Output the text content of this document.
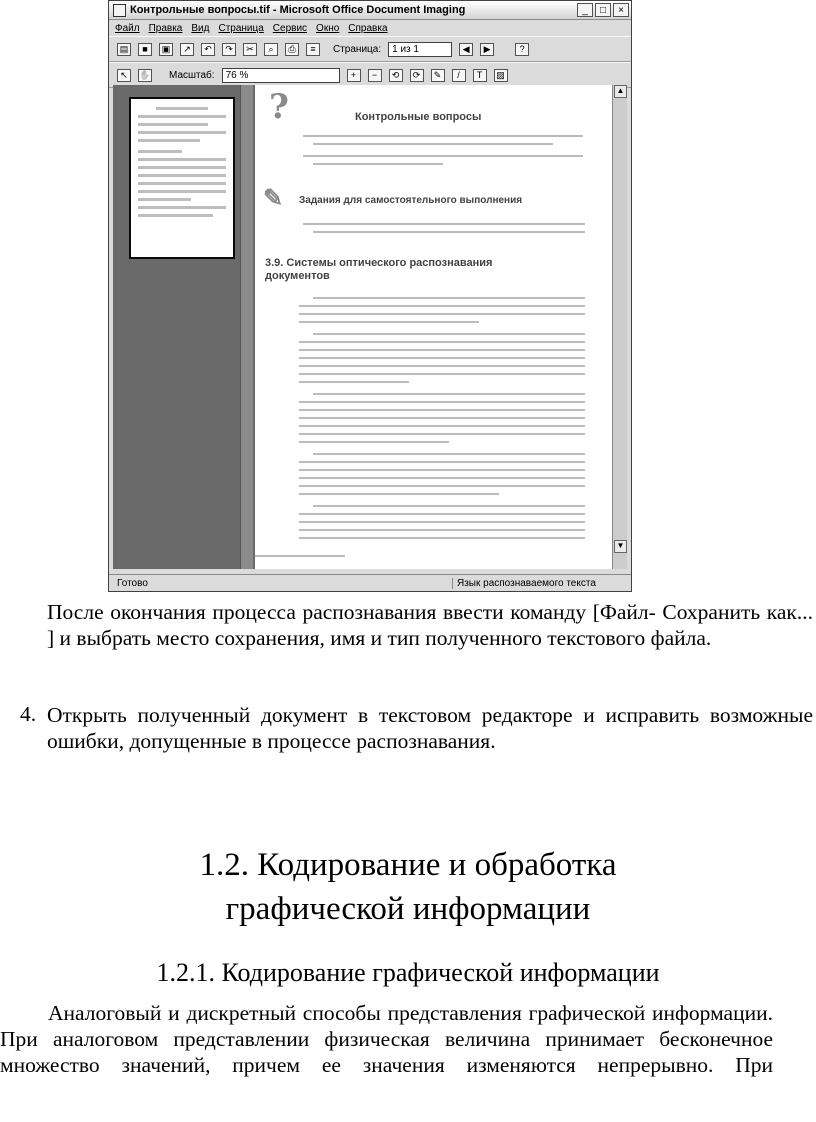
Контрольные вопросы.tif - Microsoft Office Document Imaging	_	□	×
Файл Правка Вид Страница Сервис Окно Справка
▤	■	▣	↗	↶	↷	✂	⌕	⎙	≡	Страница:	1 из 1	◀	▶	?
↖	✋ Масштаб:	76 %	+	−	⟲	⟳	✎	/	T	▨
?	Контрольные вопросы
✎ Задания для самостоятельного выполнения
3.9. Системы оптического распознавания документов
▲
▼
Готово	Язык распознаваемого текста

После окончания процесса распознавания ввести команду [Файл- Сохранить как... ] и выбрать место сохранения, имя и тип полученного текстового файла.

4. Открыть полученный документ в текстовом редакторе и исправить возможные ошибки, допущенные в процессе распознавания.

1.2. Кодирование и обработка графической информации
1.2.1. Кодирование графической информации

Аналоговый и дискретный способы представления графической информации. При аналоговом представлении физическая величина принимает бесконечное множество значений, причем ее значения изменяются непрерывно. При
